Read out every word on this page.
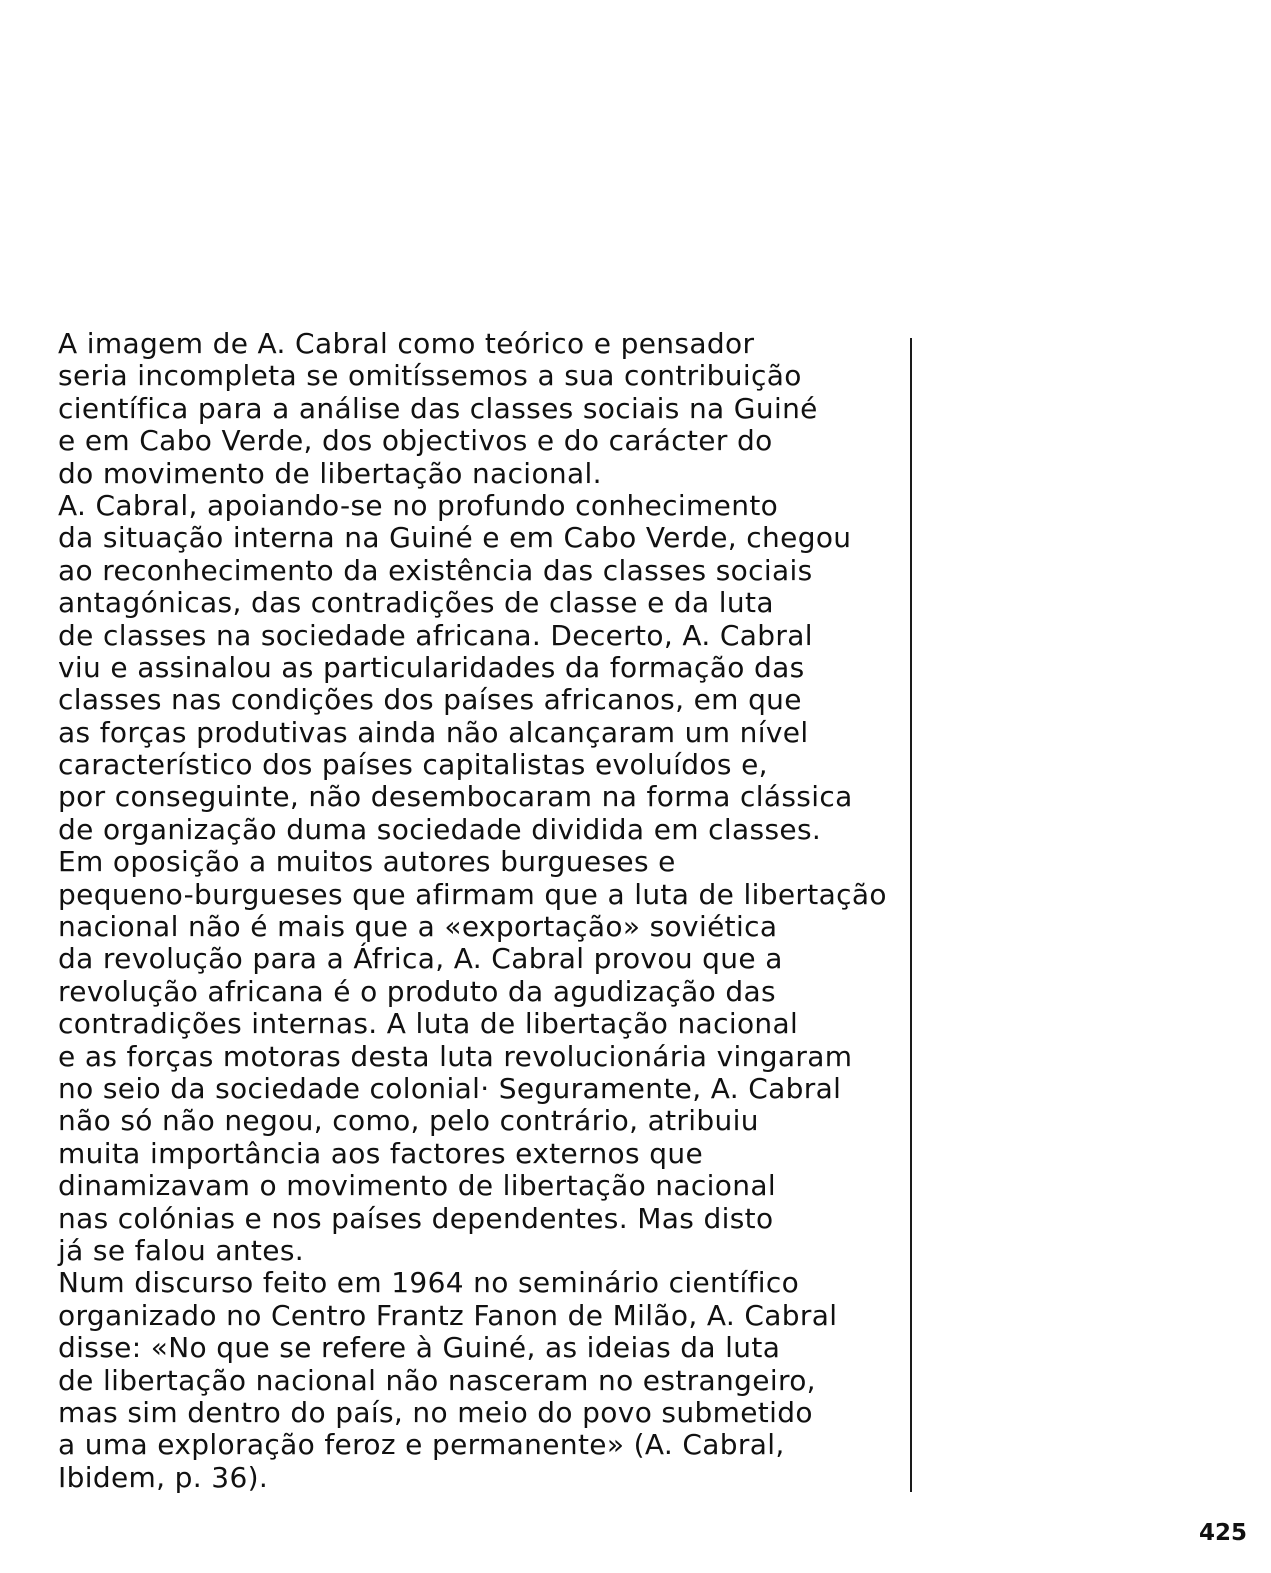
A imagem de A. Cabral como teórico e pensador
seria incompleta se omitíssemos a sua contribuição
científica para a análise das classes sociais na Guiné
e em Cabo Verde, dos objectivos e do carácter do
do movimento de libertação nacional.
A. Cabral, apoiando-se no profundo conhecimento
da situação interna na Guiné e em Cabo Verde, chegou
ao reconhecimento da existência das classes sociais
antagónicas, das contradições de classe e da luta
de classes na sociedade africana. Decerto, A. Cabral
viu e assinalou as particularidades da formação das
classes nas condições dos países africanos, em que
as forças produtivas ainda não alcançaram um nível
característico dos países capitalistas evoluídos e,
por conseguinte, não desembocaram na forma clássica
de organização duma sociedade dividida em classes.
Em oposição a muitos autores burgueses e
pequeno-burgueses que afirmam que a luta de libertação
nacional não é mais que a «exportação» soviética
da revolução para a África, A. Cabral provou que a
revolução africana é o produto da agudização das
contradições internas. A luta de libertação nacional
e as forças motoras desta luta revolucionária vingaram
no seio da sociedade colonial· Seguramente, A. Cabral
não só não negou, como, pelo contrário, atribuiu
muita importância aos factores externos que
dinamizavam o movimento de libertação nacional
nas colónias e nos países dependentes. Mas disto
já se falou antes.
Num discurso feito em 1964 no seminário científico
organizado no Centro Frantz Fanon de Milão, A. Cabral
disse: «No que se refere à Guiné, as ideias da luta
de libertação nacional não nasceram no estrangeiro,
mas sim dentro do país, no meio do povo submetido
a uma exploração feroz e permanente» (A. Cabral,
Ibidem, p. 36).
425
